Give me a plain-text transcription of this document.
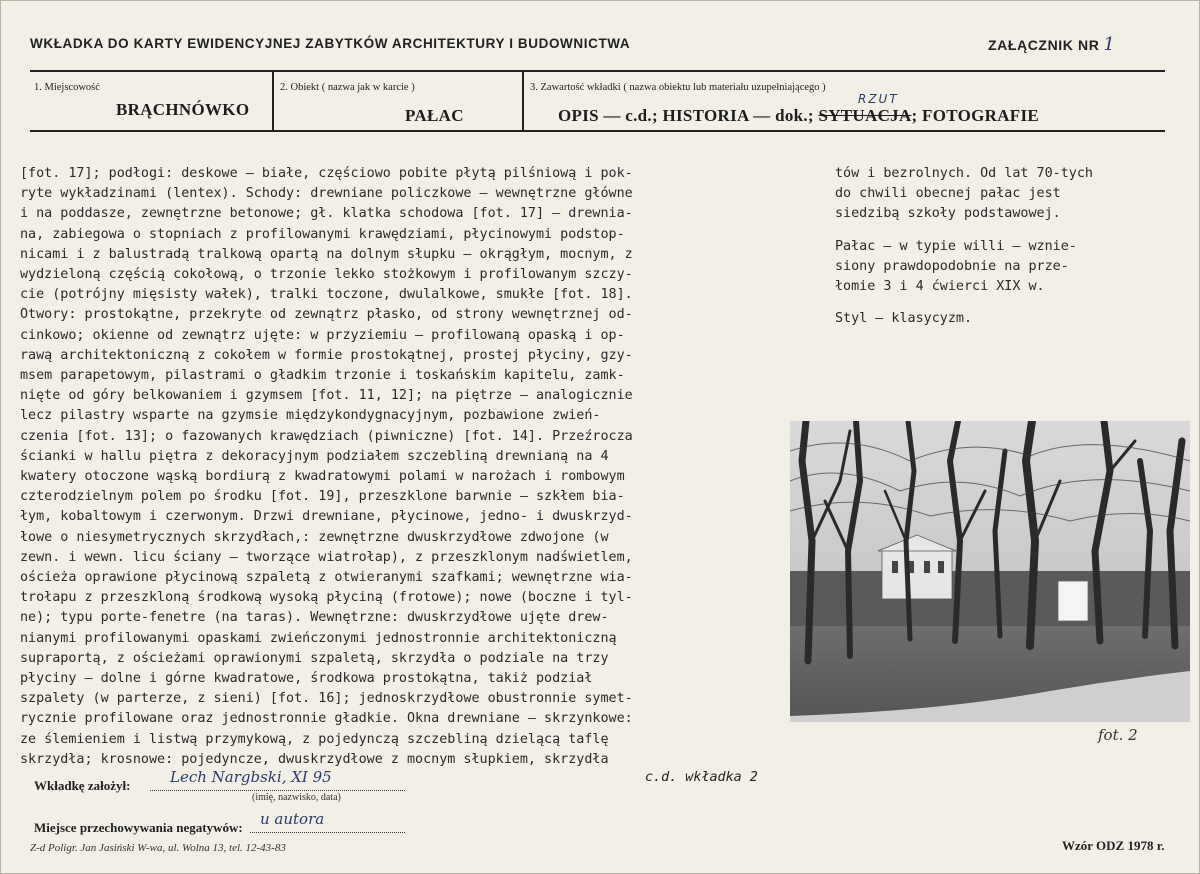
WKŁADKA DO KARTY EWIDENCYJNEJ ZABYTKÓW ARCHITEKTURY I BUDOWNICTWA	ZAŁĄCZNIK NR 1
1. Miejscowość
BRĄCHNÓWKO
2. Obiekt ( nazwa jak w karcie )
PAŁAC
3. Zawartość wkładki ( nazwa obiektu lub materiału uzupełniającego )
RZUT
OPIS — c.d.; HISTORIA — dok.; SYTUACJA; FOTOGRAFIE
[fot. 17]; podłogi: deskowe – białe, częściowo pobite płytą pilśniową i pok-
ryte wykładzinami (lentex). Schody: drewniane policzkowe – wewnętrzne główne
i na poddasze, zewnętrzne betonowe; gł. klatka schodowa [fot. 17] – drewnia-
na, zabiegowa o stopniach z profilowanymi krawędziami, płycinowymi podstop-
nicami i z balustradą tralkową opartą na dolnym słupku – okrągłym, mocnym, z
wydzieloną częścią cokołową, o trzonie lekko stożkowym i profilowanym szczy-
cie (potrójny mięsisty wałek), tralki toczone, dwulalkowe, smukłe [fot. 18].
Otwory: prostokątne, przekryte od zewnątrz płasko, od strony wewnętrznej od-
cinkowo; okienne od zewnątrz ujęte: w przyziemiu – profilowaną opaską i op-
rawą architektoniczną z cokołem w formie prostokątnej, prostej płyciny, gzy-
msem parapetowym, pilastrami o gładkim trzonie i toskańskim kapitelu, zamk-
nięte od góry belkowaniem i gzymsem [fot. 11, 12]; na piętrze – analogicznie
lecz pilastry wsparte na gzymsie międzykondygnacyjnym, pozbawione zwień-
czenia [fot. 13]; o fazowanych krawędziach (piwniczne) [fot. 14]. Przeźrocza
ścianki w hallu piętra z dekoracyjnym podziałem szczebliną drewnianą na 4
kwatery otoczone wąską bordiurą z kwadratowymi polami w narożach i rombowym
czterodzielnym polem po środku [fot. 19], przeszklone barwnie – szkłem bia-
łym, kobaltowym i czerwonym. Drzwi drewniane, płycinowe, jedno- i dwuskrzyd-
łowe o niesymetrycznych skrzydłach,: zewnętrzne dwuskrzydłowe zdwojone (w
zewn. i wewn. licu ściany – tworzące wiatrołap), z przeszklonym nadświetlem,
ościeża oprawione płycinową szpaletą z otwieranymi szafkami; wewnętrzne wia-
trołapu z przeszkloną środkową wysoką płyciną (frotowe); nowe (boczne i tyl-
ne); typu porte-fenetre (na taras). Wewnętrzne: dwuskrzydłowe ujęte drew-
nianymi profilowanymi opaskami zwieńczonymi jednostronnie architektoniczną
supraportą, z ościeżami oprawionymi szpaletą, skrzydła o podziale na trzy
płyciny – dolne i górne kwadratowe, środkowa prostokątna, takiż podział
szpalety (w parterze, z sieni) [fot. 16]; jednoskrzydłowe obustronnie symet-
rycznie profilowane oraz jednostronnie gładkie. Okna drewniane – skrzynkowe:
ze ślemieniem i listwą przymykową, z pojedynczą szczebliną dzielącą taflę
skrzydła; krosnowe: pojedyncze, dwuskrzydłowe z mocnym słupkiem, skrzydła
tów i bezrolnych. Od lat 70-tych
do chwili obecnej pałac jest
siedzibą szkoły podstawowej.
Pałac – w typie willi – wznie-
siony prawdopodobnie na prze-
łomie 3 i 4 ćwierci XIX w.
Styl – klasycyzm.
fot. 2
Wkładkę założył:	Lech Nargbski, XI 95
(imię, nazwisko, data)
c.d. wkładka 2
Miejsce przechowywania negatywów: u autora
Z-d Poligr. Jan Jasiński W-wa, ul. Wolna 13, tel. 12-43-83	Wzór ODZ 1978 r.
